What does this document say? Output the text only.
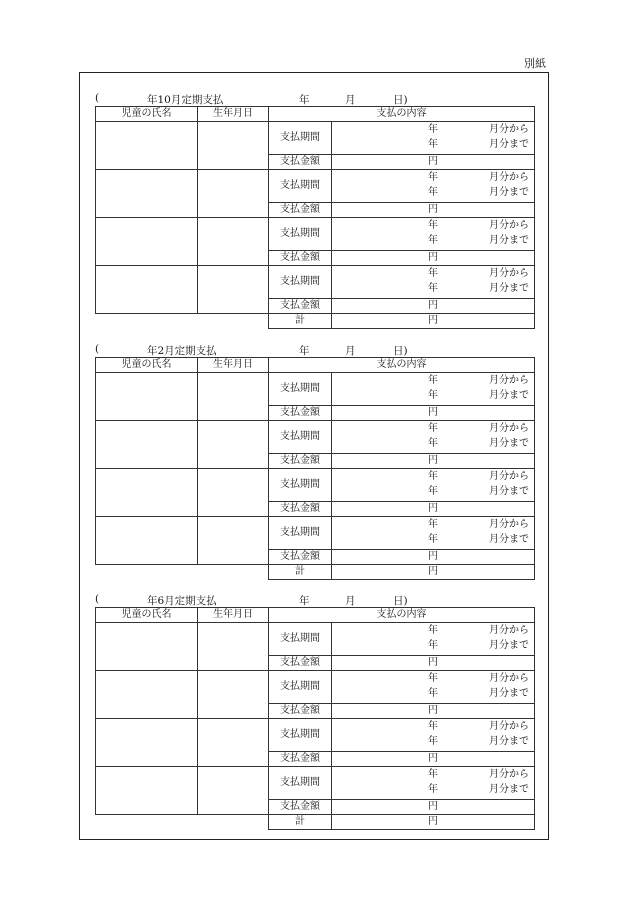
別紙
(	年10月定期支払	年	月	日)
児童の氏名	生年月日	支払の内容	
		支払期間	年 月分から
年 月分まで

		支払金額	円
		支払期間	年 月分から
年 月分まで

		支払金額	円
		支払期間	年 月分から
年 月分まで

		支払金額	円
		支払期間	年 月分から
年 月分まで

		支払金額	円
		計	円
(	年2月定期支払	年	月	日)
児童の氏名	生年月日	支払の内容	
		支払期間	年 月分から
年 月分まで

		支払金額	円
		支払期間	年 月分から
年 月分まで

		支払金額	円
		支払期間	年 月分から
年 月分まで

		支払金額	円
		支払期間	年 月分から
年 月分まで

		支払金額	円
		計	円
(	年6月定期支払	年	月	日)
児童の氏名	生年月日	支払の内容	
		支払期間	年 月分から
年 月分まで

		支払金額	円
		支払期間	年 月分から
年 月分まで

		支払金額	円
		支払期間	年 月分から
年 月分まで

		支払金額	円
		支払期間	年 月分から
年 月分まで

		支払金額	円
		計	円
